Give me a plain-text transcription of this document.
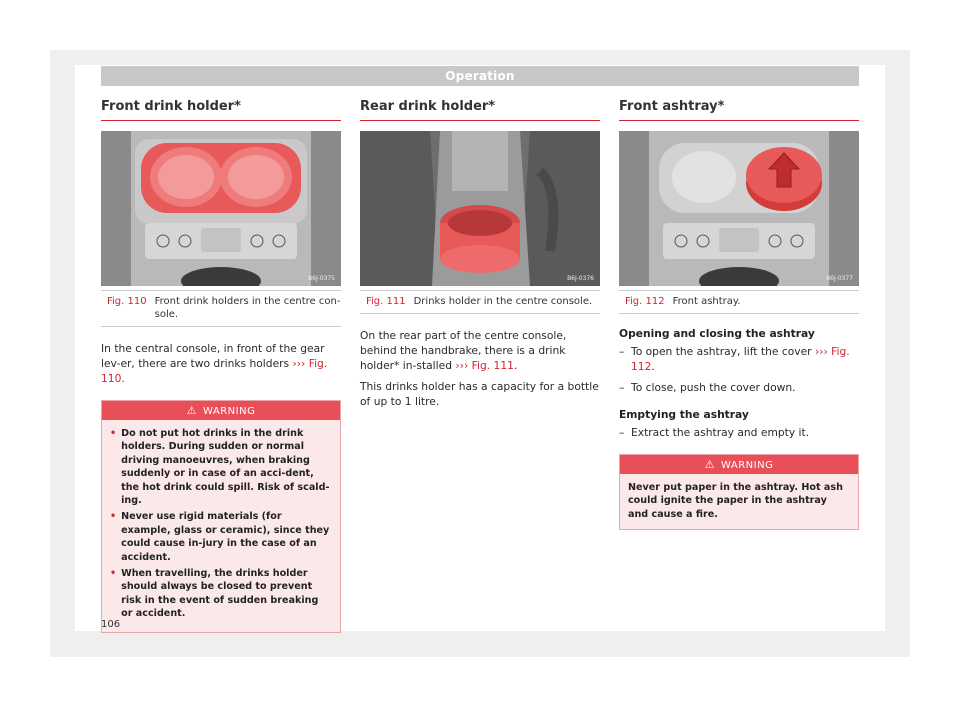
Operation
Front drink holder*
B6J-0375
Fig. 110 Front drink holders in the centre con-sole.

In the central console, in front of the gear lev-er, there are two drinks holders ››› Fig. 110.

⚠ WARNING
• Do not put hot drinks in the drink holders. During sudden or normal driving manoeuvres, when braking suddenly or in case of an acci-dent, the hot drink could spill. Risk of scald-ing.
• Never use rigid materials (for example, glass or ceramic), since they could cause in-jury in the case of an accident.
• When travelling, the drinks holder should always be closed to prevent risk in the event of sudden breaking or accident.
Rear drink holder*
B6J-0376
Fig. 111 Drinks holder in the centre console.

On the rear part of the centre console, behind the handbrake, there is a drink holder* in-stalled ››› Fig. 111.

This drinks holder has a capacity for a bottle of up to 1 litre.

Front ashtray*
B6J-0377
Fig. 112 Front ashtray.
Opening and closing the ashtray
– To open the ashtray, lift the cover ››› Fig. 112.
– To close, push the cover down.
Emptying the ashtray
– Extract the ashtray and empty it.
⚠ WARNING
Never put paper in the ashtray. Hot ash could ignite the paper in the ashtray and cause a fire.
106
